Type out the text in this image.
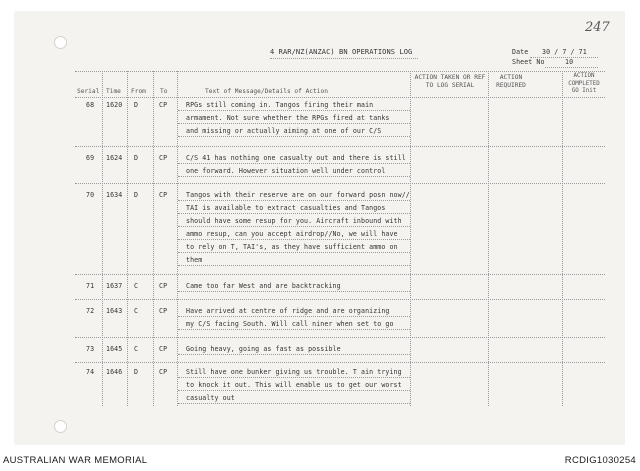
247
4 RAR/NZ(ANZAC) BN OPERATIONS LOG	Date 30 / 7 / 71
Sheet No	10
Serial Time From To	Text of Message/Details of Action
ACTION TAKEN OR REF TO LOG SERIAL
ACTION REQUIRED
ACTION COMPLETED GO Init
68 1620 D	CP	RPGs still coming in. Tangos firing their main
armament. Not sure whether the RPGs fired at tanks
and missing or actually aiming at one of our C/S
69 1624 D	CP	C/S 41 has nothing one casualty out and there is still
one forward. However situation well under control
70 1634 D	CP	Tangos with their reserve are on our forward posn now//
TAI is available to extract casualties and Tangos
should have some resup for you. Aircraft inbound with
ammo resup, can you accept airdrop//No, we will have
to rely on T, TAI's, as they have sufficient ammo on
them
71 1637 C	CP	Came too far West and are backtracking
72 1643 C	CP	Have arrived at centre of ridge and are organizing
my C/S facing South. Will call niner when set to go
73 1645 C	CP	Going heavy, going as fast as possible
74 1646 D	CP	Still have one bunker giving us trouble. T ain trying
to knock it out. This will enable us to get our worst
casualty out
AUSTRALIAN WAR MEMORIAL	RCDIG1030254
